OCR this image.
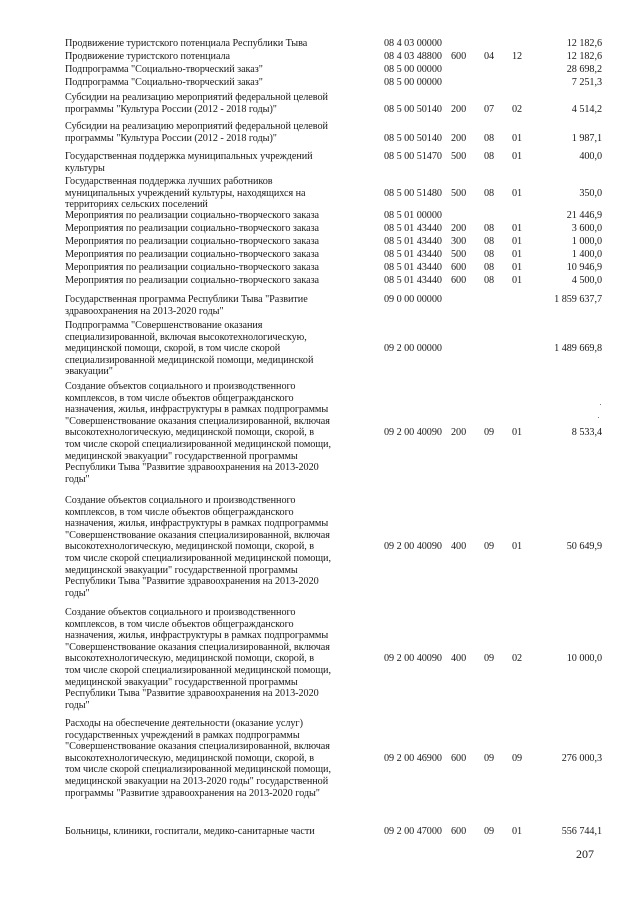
Продвижение туристского потенциала Республики Тыва	08 4 03 00000	12 182,6
Продвижение туристского потенциала	08 4 03 48800 600 04 12	12 182,6
Подпрограмма "Социально-творческий заказ"	08 5 00 00000	28 698,2
Подпрограмма "Социально-творческий заказ"	08 5 00 00000	7 251,3
Субсидии на реализацию мероприятий федеральной целевой
программы "Культура России (2012 - 2018 годы)"	08 5 00 50140 200 07 02	4 514,2
Субсидии на реализацию мероприятий федеральной целевой
программы "Культура России (2012 - 2018 годы)"	08 5 00 50140 200 08 01	1 987,1
Государственная поддержка муниципальных учреждений
культуры
08 5 00 51470 500 08 01	400,0
Государственная поддержка лучших работников
муниципальных учреждений культуры, находящихся на
территориях сельских поселений
08 5 00 51480 500 08 01	350,0
Мероприятия по реализации социально-творческого заказа	08 5 01 00000	21 446,9
Мероприятия по реализации социально-творческого заказа	08 5 01 43440 200 08 01	3 600,0
Мероприятия по реализации социально-творческого заказа	08 5 01 43440 300 08 01	1 000,0
Мероприятия по реализации социально-творческого заказа	08 5 01 43440 500 08 01	1 400,0
Мероприятия по реализации социально-творческого заказа	08 5 01 43440 600 08 01	10 946,9
Мероприятия по реализации социально-творческого заказа	08 5 01 43440 600 08 01	4 500,0
Государственная программа Республики Тыва "Развитие
здравоохранения на 2013-2020 годы"
09 0 00 00000	1 859 637,7
Подпрограмма "Совершенствование оказания
специализированной, включая высокотехнологическую,
медицинской помощи, скорой, в том числе скорой
специализированной медицинской помощи, медицинской
эвакуации"
09 2 00 00000	1 489 669,8
Создание объектов социального и производственного
комплексов, в том числе объектов общегражданского
назначения, жилья, инфраструктуры в рамках подпрограммы
"Совершенствование оказания специализированной, включая
высокотехнологическую, медицинской помощи, скорой, в
том числе скорой специализированной медицинской помощи,
медицинской эвакуации" государственной программы
Республики Тыва "Развитие здравоохранения на 2013-2020
годы"
09 2 00 40090 200 09 01	8 533,4
Создание объектов социального и производственного
комплексов, в том числе объектов общегражданского
назначения, жилья, инфраструктуры в рамках подпрограммы
"Совершенствование оказания специализированной, включая
высокотехнологическую, медицинской помощи, скорой, в
том числе скорой специализированной медицинской помощи,
медицинской эвакуации" государственной программы
Республики Тыва "Развитие здравоохранения на 2013-2020
годы"
09 2 00 40090 400 09 01	50 649,9
Создание объектов социального и производственного
комплексов, в том числе объектов общегражданского
назначения, жилья, инфраструктуры в рамках подпрограммы
"Совершенствование оказания специализированной, включая
высокотехнологическую, медицинской помощи, скорой, в
том числе скорой специализированной медицинской помощи,
медицинской эвакуации" государственной программы
Республики Тыва "Развитие здравоохранения на 2013-2020
годы"
09 2 00 40090 400 09 02	10 000,0
Расходы на обеспечение деятельности (оказание услуг)
государственных учреждений в рамках подпрограммы
"Совершенствование оказания специализированной, включая
высокотехнологическую, медицинской помощи, скорой, в
том числе скорой специализированной медицинской помощи,
медицинской эвакуации на 2013-2020 годы" государственной
программы "Развитие здравоохранения на 2013-2020 годы"
09 2 00 46900 600 09 09	276 000,3
Больницы, клиники, госпитали, медико-санитарные части	09 2 00 47000 600 09 01	556 744,1
207
